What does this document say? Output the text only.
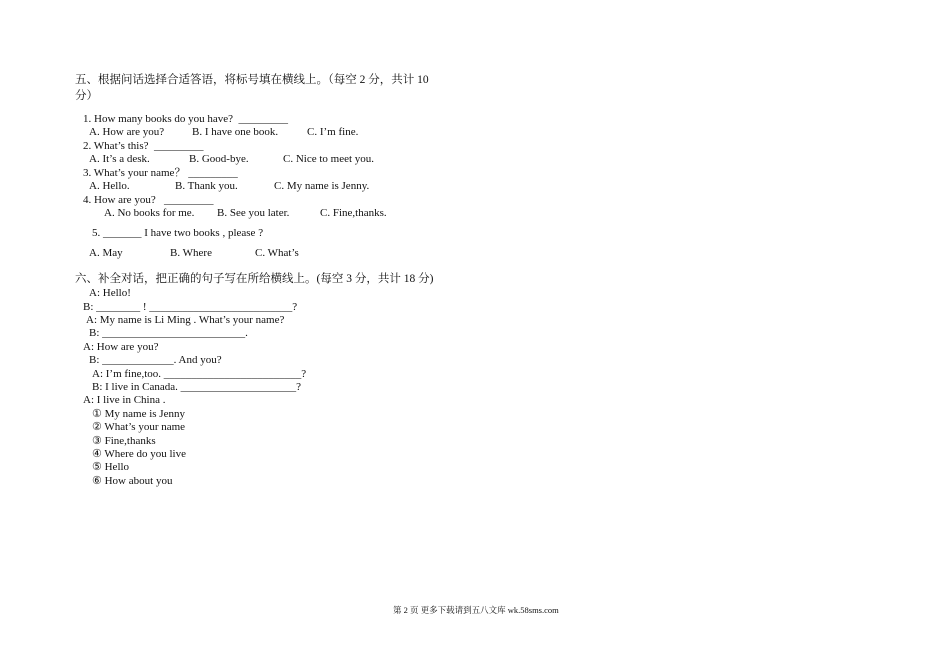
五、根据问话选择合适答语，将标号填在横线上。（每空 2 分，共计 10
分）
1. How many books do you have?  _________
A. How are you?	B. I have one book.	C. I’m fine.
2. What’s this?  _________
A. It’s a desk.	B. Good-bye.	C. Nice to meet you.
3. What’s your name？ _________
A. Hello.	B. Thank you.	C. My name is Jenny.
4. How are you?   _________
A. No books for me. B. See you later.	C. Fine,thanks.
5. _______ I have two books , please ?
A. May	B. Where	C. What’s
六、补全对话，把正确的句子写在所给横线上。(每空 3 分，共计 18 分)
A: Hello!
B: ________ ! __________________________?
A: My name is Li Ming . What’s your name?
B: __________________________.
A: How are you?
B: _____________. And you?
A: I’m fine,too. _________________________?
B: I live in Canada. _____________________?
A: I live in China .
① My name is Jenny
② What’s your name
③ Fine,thanks
④ Where do you live
⑤ Hello
⑥ How about you
第 2 页 更多下载请到五八文库 wk.58sms.com
